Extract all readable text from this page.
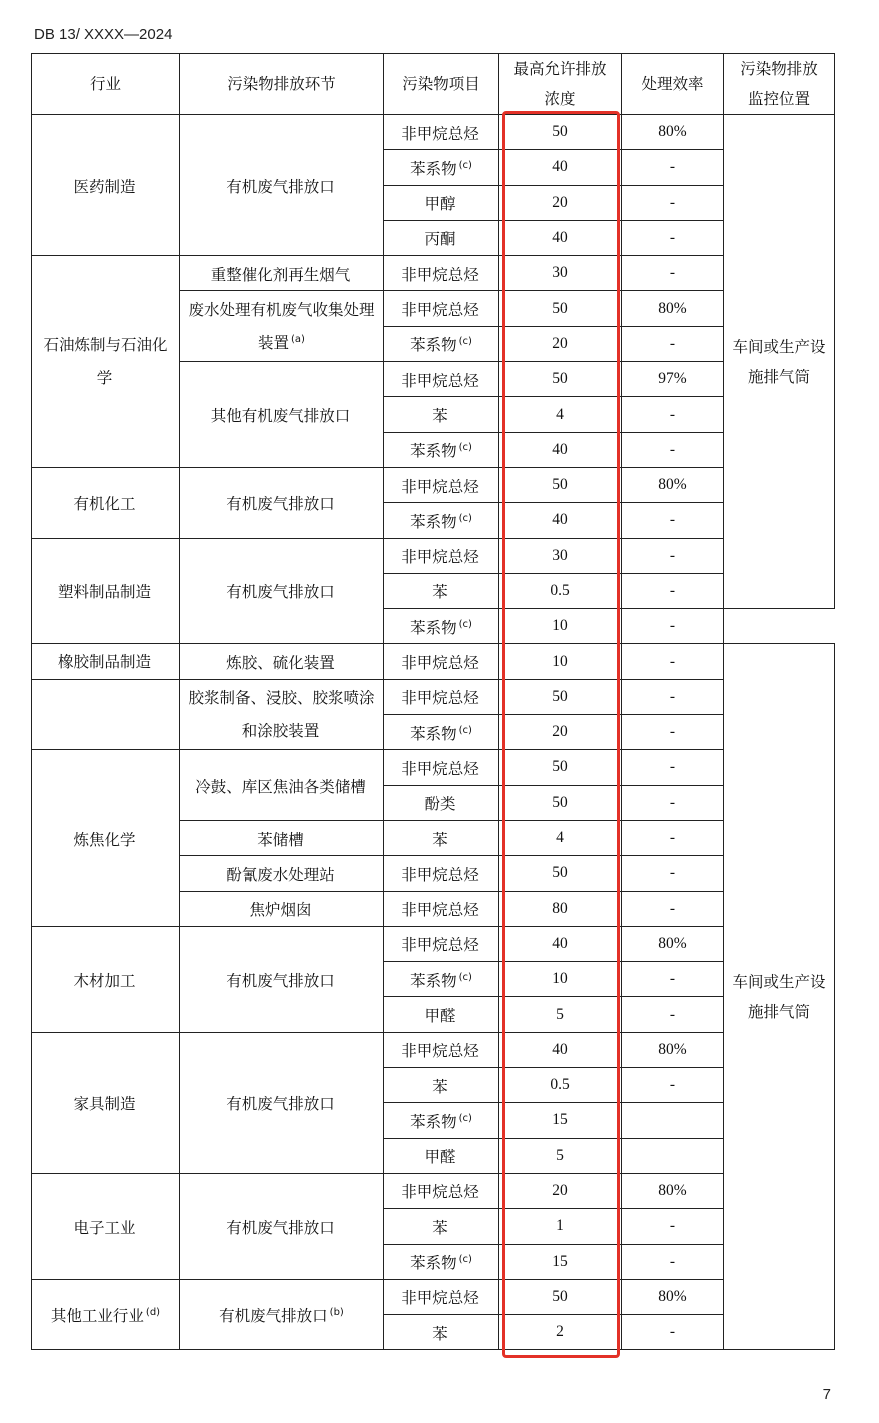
DB 13/ XXXX—2024
行业	污染物排放环节	污染物项目	最高允许排放浓度	处理效率	污染物排放监控位置
医药制造	有机废气排放口	非甲烷总烃	50	80%	车间或生产设施排气筒
		苯系物 $^{(c)}$	40	-	
		甲醇	20	-	
		丙酮	40	-	
石油炼制与石油化学	重整催化剂再生烟气	非甲烷总烃	30	-	
	废水处理有机废气收集处理装置 $^{(a)}$	非甲烷总烃	50	80%	
		苯系物 $^{(c)}$	20	-	
	其他有机废气排放口	非甲烷总烃	50	97%	
		苯	4	-	
		苯系物 $^{(c)}$	40	-	
有机化工	有机废气排放口	非甲烷总烃	50	80%	
		苯系物 $^{(c)}$	40	-	
塑料制品制造	有机废气排放口	非甲烷总烃	30	-	
		苯	0.5	-	
		苯系物 $^{(c)}$	10	-	
橡胶制品制造	炼胶、硫化装置	非甲烷总烃	10	-	车间或生产设施排气筒
	胶浆制备、浸胶、胶浆喷涂和涂胶装置	非甲烷总烃	50	-	
		苯系物 $^{(c)}$	20	-	
炼焦化学	冷鼓、库区焦油各类储槽	非甲烷总烃	50	-	
		酚类	50	-	
	苯储槽	苯	4	-	
	酚氰废水处理站	非甲烷总烃	50	-	
	焦炉烟囱	非甲烷总烃	80	-	
木材加工	有机废气排放口	非甲烷总烃	40	80%	
		苯系物 $^{(c)}$	10	-	
		甲醛	5	-	
家具制造	有机废气排放口	非甲烷总烃	40	80%	
		苯	0.5	-	
		苯系物 $^{(c)}$	15		
		甲醛	5		
电子工业	有机废气排放口	非甲烷总烃	20	80%	
		苯	1	-	
		苯系物 $^{(c)}$	15	-	
其他工业行业 $^{(d)}$	有机废气排放口 $^{(b)}$	非甲烷总烃	50	80%	
		苯	2	-	
7
